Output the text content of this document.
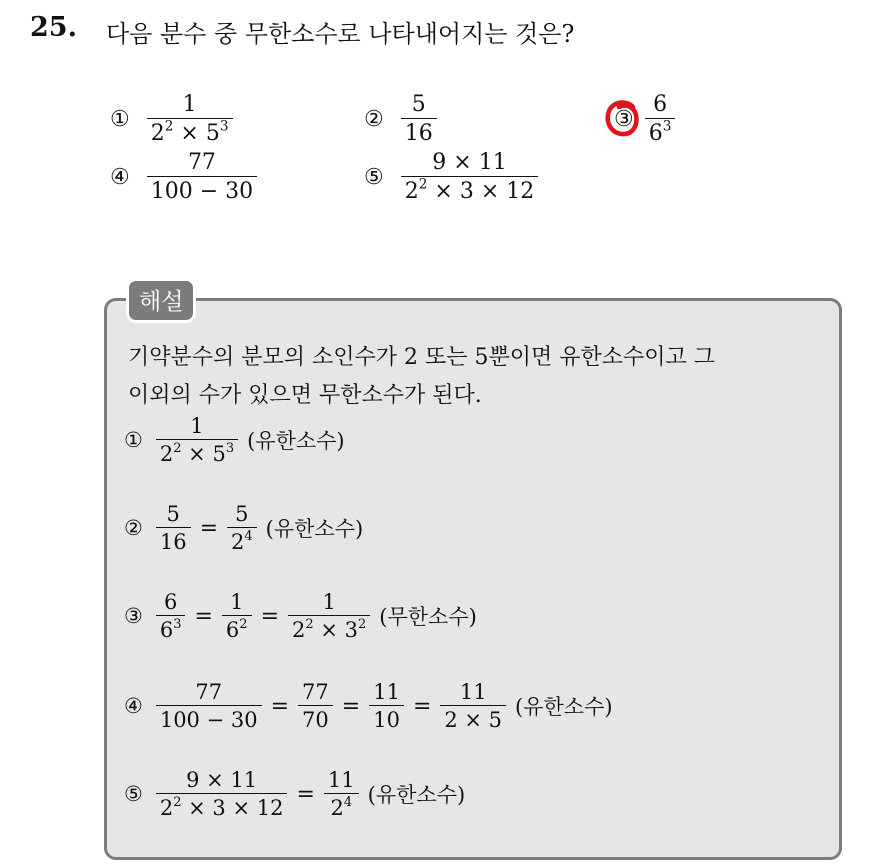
25. 다음 분수 중 무한소수로 나타내어지는 것은?
① $\frac{1}{2^2 \times 5^3}$	② $\frac{5}{16}$	③ $\frac{6}{6^3}$
④ $\frac{77}{100 - 30}$	⑤ $\frac{9 \times 11}{2^2 \times 3 \times 12}$
해설
기약분수의 분모의 소인수가 2 또는 5뿐이면 유한소수이고 그
이외의 수가 있으면 무한소수가 된다.
① $\frac{1}{2^2 \times 5^3}$ (유한소수)
② $\frac{5}{16} = \frac{5}{2^4}$ (유한소수)
③ $\frac{6}{6^3} = \frac{1}{6^2} = \frac{1}{2^2 \times 3^2}$ (무한소수)
④ $\frac{77}{100 - 30} = \frac{77}{70} = \frac{11}{10} = \frac{11}{2 \times 5}$ (유한소수)
⑤ $\frac{9 \times 11}{2^2 \times 3 \times 12} = \frac{11}{2^4}$ (유한소수)
